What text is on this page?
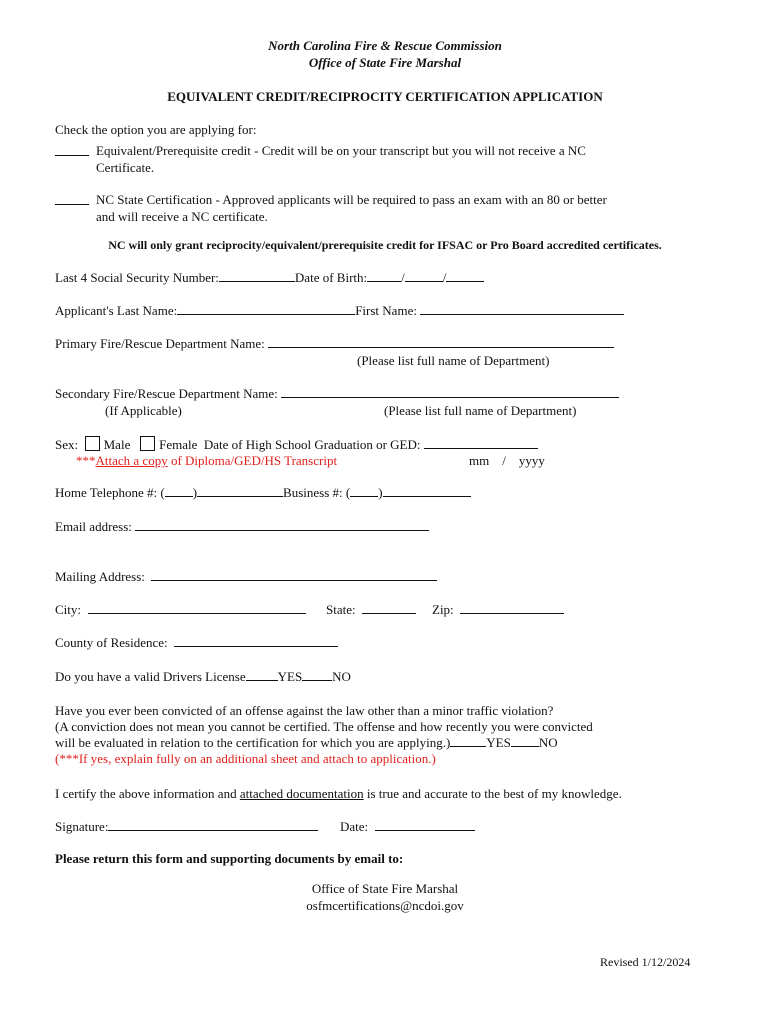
North Carolina Fire & Rescue Commission
Office of State Fire Marshal
EQUIVALENT CREDIT/RECIPROCITY CERTIFICATION APPLICATION
Check the option you are applying for:
Equivalent/Prerequisite credit - Credit will be on your transcript but you will not receive a NC
Certificate.
NC State Certification - Approved applicants will be required to pass an exam with an 80 or better
and will receive a NC certificate.
NC will only grant reciprocity/equivalent/prerequisite credit for IFSAC or Pro Board accredited certificates.
Last 4 Social Security Number:	Date of Birth:	/	/
Applicant's Last Name:	First Name:
Primary Fire/Rescue Department Name:
(Please list full name of Department)
Secondary Fire/Rescue Department Name:
(If Applicable)	(Please list full name of Department)
Sex: Male Female Date of High School Graduation or GED:
***Attach a copy of Diploma/GED/HS Transcript	mm / yyyy
Home Telephone #: ( )	Business #: ( )
Email address:
Mailing Address:
City:	State:	Zip:
County of Residence:
Do you have a valid Drivers License YES NO
Have you ever been convicted of an offense against the law other than a minor traffic violation?
(A conviction does not mean you cannot be certified. The offense and how recently you were convicted
will be evaluated in relation to the certification for which you are applying.)	YES NO
(***If yes, explain fully on an additional sheet and attach to application.)
I certify the above information and attached documentation is true and accurate to the best of my knowledge.
Signature:	Date:
Please return this form and supporting documents by email to:
Office of State Fire Marshal
osfmcertifications@ncdoi.gov
Revised 1/12/2024
